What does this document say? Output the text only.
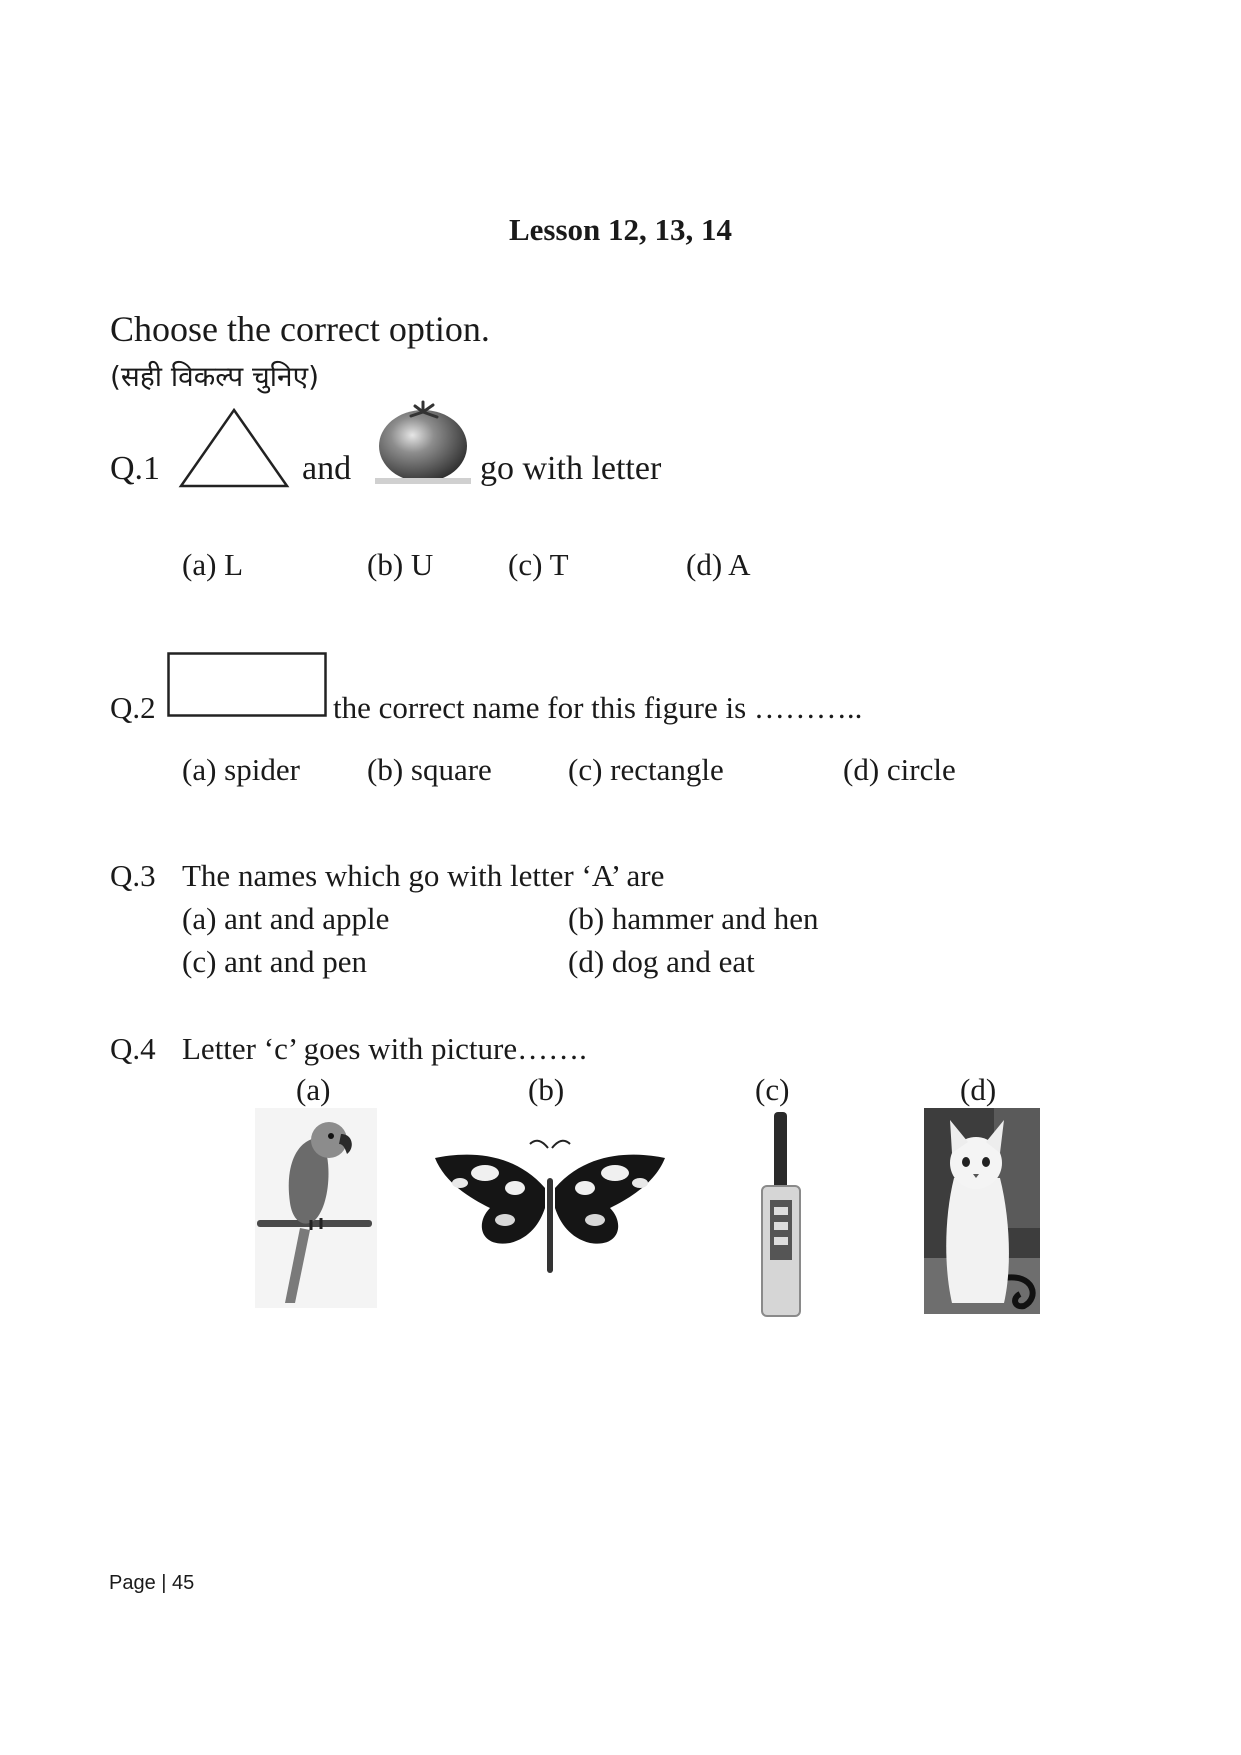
Lesson 12, 13, 14
Choose the correct option.
(सही विकल्प चुनिए)
Q.1	and	go with letter
(a) L	(b) U (c) T	(d) A
Q.2	the correct name for this figure is ………..
(a) spider (b) square (c) rectangle	(d) circle
Q.3 The names which go with letter ‘A’ are
(a) ant and apple	(b) hammer and hen
(c) ant and pen	(d) dog and eat
Q.4 Letter ‘c’ goes with picture…….
(a)	(b)	(c)	(d)
Page | 45
